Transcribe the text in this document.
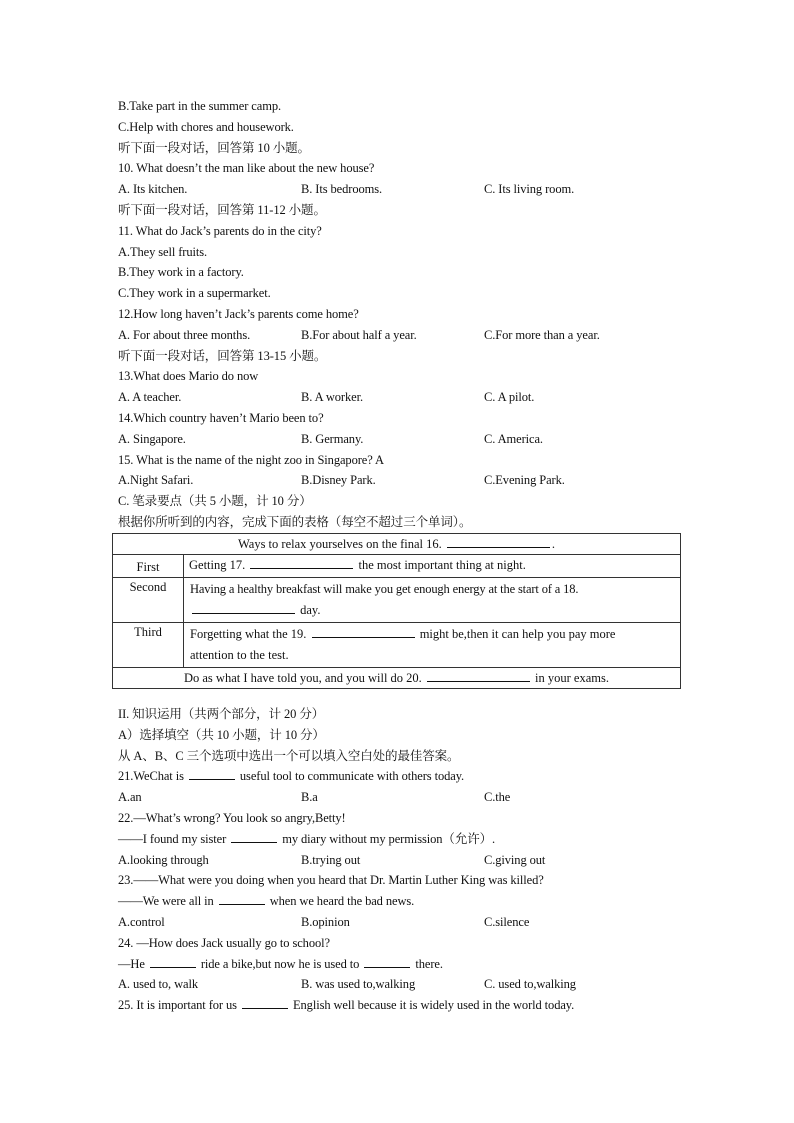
B.Take part in the summer camp.
C.Help with chores and housework.
听下面一段对话，回答第 10 小题。
10. What doesn’t the man like about the new house?
A. Its kitchen.	B. Its bedrooms.	C. Its living room.
听下面一段对话，回答第 11-12 小题。
11. What do Jack’s parents do in the city?
A.They sell fruits.
B.They work in a factory.
C.They work in a supermarket.
12.How long haven’t Jack’s parents come home?
A. For about three months.	B.For about half a year.	C.For more than a year.
听下面一段对话，回答第 13-15 小题。
13.What does Mario do now
A. A teacher.	B. A worker.	C. A pilot.
14.Which country haven’t Mario been to?
A. Singapore.	B. Germany.	C. America.
15. What is the name of the night zoo in Singapore? A
A.Night Safari.	B.Disney Park.	C.Evening Park.
C. 笔录要点（共 5 小题，计 10 分）
根据你所听到的内容，完成下面的表格（每空不超过三个单词）。
Ways to relax yourselves on the final 16. .	
First	Getting 17. the most important thing at night.
Second	Having a healthy breakfast will make you get enough energy at the start of a 18.
day.

Third	Forgetting what the 19. might be,then it can help you pay more
attention to the test.

Do as what I have told you, and you will do 20. in your exams.	
II. 知识运用（共两个部分，计 20 分）
A）选择填空（共 10 小题，计 10 分）
从 A、B、C 三个选项中选出一个可以填入空白处的最佳答案。
21.WeChat is	useful tool to communicate with others today.
A.an	B.a	C.the
22.—What’s wrong? You look so angry,Betty!
——I found my sister	my diary without my permission（允许）.
A.looking through	B.trying out	C.giving out
23.——What were you doing when you heard that Dr. Martin Luther King was killed?
——We were all in	when we heard the bad news.
A.control	B.opinion	C.silence
24. —How does Jack usually go to school?
—He	ride a bike,but now he is used to	there.
A. used to, walk	B. was used to,walking	C. used to,walking
25. It is important for us	English well because it is widely used in the world today.
